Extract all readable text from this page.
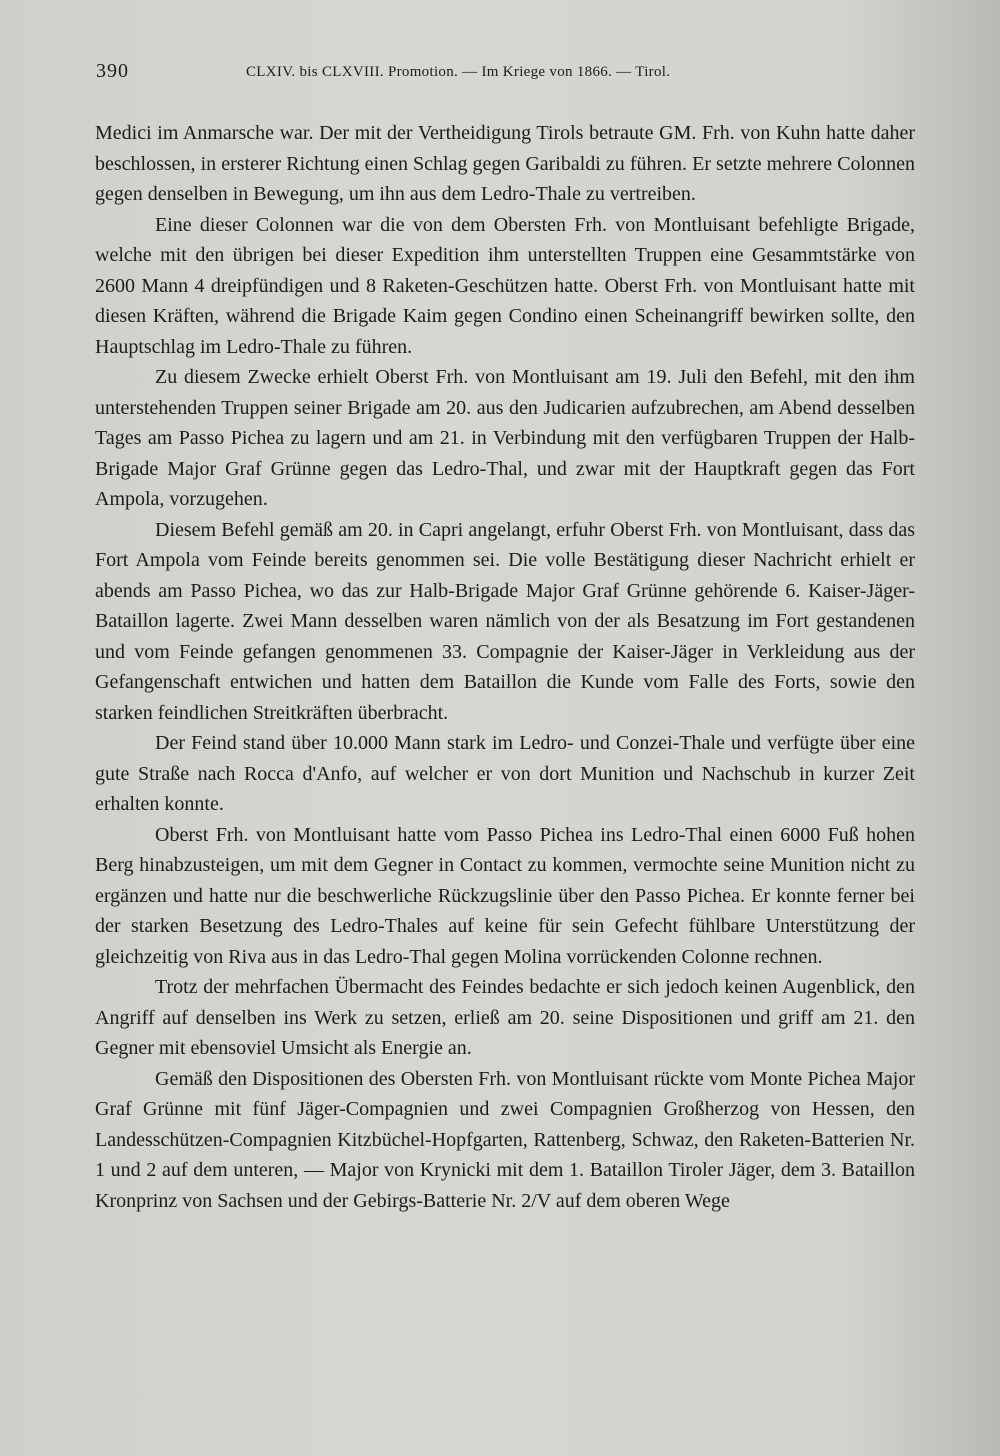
390	CLXIV. bis CLXVIII. Promotion. — Im Kriege von 1866. — Tirol.

Medici im Anmarsche war. Der mit der Vertheidigung Tirols betraute GM. Frh. von Kuhn hatte daher beschlossen, in ersterer Richtung einen Schlag gegen Garibaldi zu führen. Er setzte mehrere Colonnen gegen denselben in Bewegung, um ihn aus dem Ledro-Thale zu vertreiben.

Eine dieser Colonnen war die von dem Obersten Frh. von Montluisant befehligte Brigade, welche mit den übrigen bei dieser Expedition ihm unterstellten Truppen eine Gesammtstärke von 2600 Mann 4 dreipfündigen und 8 Raketen-Geschützen hatte. Oberst Frh. von Montluisant hatte mit diesen Kräften, während die Brigade Kaim gegen Condino einen Scheinangriff bewirken sollte, den Hauptschlag im Ledro-Thale zu führen.

Zu diesem Zwecke erhielt Oberst Frh. von Montluisant am 19. Juli den Befehl, mit den ihm unterstehenden Truppen seiner Brigade am 20. aus den Judicarien aufzubrechen, am Abend desselben Tages am Passo Pichea zu lagern und am 21. in Verbindung mit den verfügbaren Truppen der Halb-Brigade Major Graf Grünne gegen das Ledro-Thal, und zwar mit der Hauptkraft gegen das Fort Ampola, vorzugehen.

Diesem Befehl gemäß am 20. in Capri angelangt, erfuhr Oberst Frh. von Montluisant, dass das Fort Ampola vom Feinde bereits genommen sei. Die volle Bestätigung dieser Nachricht erhielt er abends am Passo Pichea, wo das zur Halb-Brigade Major Graf Grünne gehörende 6. Kaiser-Jäger-Bataillon lagerte. Zwei Mann desselben waren nämlich von der als Besatzung im Fort gestandenen und vom Feinde gefangen genommenen 33. Compagnie der Kaiser-Jäger in Verkleidung aus der Gefangenschaft entwichen und hatten dem Bataillon die Kunde vom Falle des Forts, sowie den starken feindlichen Streitkräften überbracht.

Der Feind stand über 10.000 Mann stark im Ledro- und Conzei-Thale und verfügte über eine gute Straße nach Rocca d'Anfo, auf welcher er von dort Munition und Nachschub in kurzer Zeit erhalten konnte.

Oberst Frh. von Montluisant hatte vom Passo Pichea ins Ledro-Thal einen 6000 Fuß hohen Berg hinabzusteigen, um mit dem Gegner in Contact zu kommen, vermochte seine Munition nicht zu ergänzen und hatte nur die beschwerliche Rückzugslinie über den Passo Pichea. Er konnte ferner bei der starken Besetzung des Ledro-Thales auf keine für sein Gefecht fühlbare Unterstützung der gleichzeitig von Riva aus in das Ledro-Thal gegen Molina vorrückenden Colonne rechnen.

Trotz der mehrfachen Übermacht des Feindes bedachte er sich jedoch keinen Augenblick, den Angriff auf denselben ins Werk zu setzen, erließ am 20. seine Dispositionen und griff am 21. den Gegner mit ebensoviel Umsicht als Energie an.

Gemäß den Dispositionen des Obersten Frh. von Montluisant rückte vom Monte Pichea Major Graf Grünne mit fünf Jäger-Compagnien und zwei Compagnien Großherzog von Hessen, den Landesschützen-Compagnien Kitzbüchel-Hopfgarten, Rattenberg, Schwaz, den Raketen-Batterien Nr. 1 und 2 auf dem unteren, — Major von Krynicki mit dem 1. Bataillon Tiroler Jäger, dem 3. Bataillon Kronprinz von Sachsen und der Gebirgs-Batterie Nr. 2/V auf dem oberen Wege
